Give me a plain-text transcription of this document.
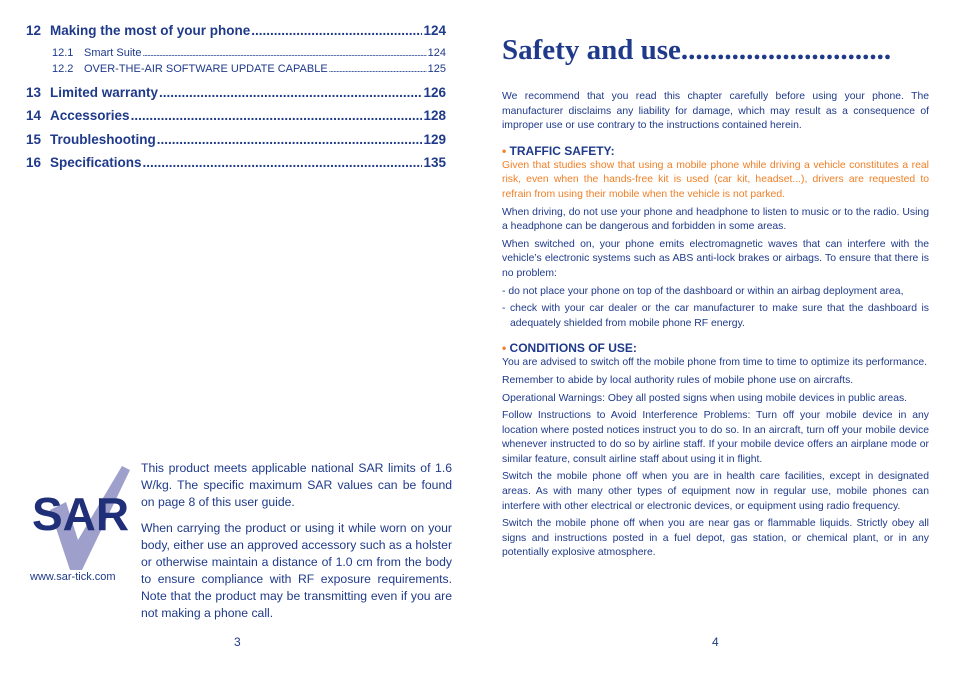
12 Making the most of your phone .....	124
12.1 Smart Suite .....	124
12.2 OVER-THE-AIR SOFTWARE UPDATE CAPABLE .....	125
13 Limited warranty .....	126
14 Accessories .....	128
15 Troubleshooting .....	129
16 Specifications .....	135
SAR
www.sar-tick.com

This product meets applicable national SAR limits of 1.6 W/kg. The specific maximum SAR values can be found on page 8 of this user guide.

When carrying the product or using it while worn on your body, either use an approved accessory such as a holster or otherwise maintain a distance of 1.0 cm from the body to ensure compliance with RF exposure requirements. Note that the product may be transmitting even if you are not making a phone call.

3
Safety and use.............................

We recommend that you read this chapter carefully before using your phone. The manufacturer disclaims any liability for damage, which may result as a consequence of improper use or use contrary to the instructions contained herein.

• TRAFFIC SAFETY:

Given that studies show that using a mobile phone while driving a vehicle constitutes a real risk, even when the hands-free kit is used (car kit, headset...), drivers are requested to refrain from using their mobile when the vehicle is not parked.

When driving, do not use your phone and headphone to listen to music or to the radio. Using a headphone can be dangerous and forbidden in some areas.

When switched on, your phone emits electromagnetic waves that can interfere with the vehicle’s electronic systems such as ABS anti-lock brakes or airbags. To ensure that there is no problem:

- do not place your phone on top of the dashboard or within an airbag deployment area,

- check with your car dealer or the car manufacturer to make sure that the dashboard is adequately shielded from mobile phone RF energy.

• CONDITIONS OF USE:

You are advised to switch off the mobile phone from time to time to optimize its performance.

Remember to abide by local authority rules of mobile phone use on aircrafts.

Operational Warnings: Obey all posted signs when using mobile devices in public areas.

Follow Instructions to Avoid Interference Problems: Turn off your mobile device in any location where posted notices instruct you to do so. In an aircraft, turn off your mobile device whenever instructed to do so by airline staff. If your mobile device offers an airplane mode or similar feature, consult airline staff about using it in flight.

Switch the mobile phone off when you are in health care facilities, except in designated areas. As with many other types of equipment now in regular use, mobile phones can interfere with other electrical or electronic devices, or equipment using radio frequency.

Switch the mobile phone off when you are near gas or flammable liquids. Strictly obey all signs and instructions posted in a fuel depot, gas station, or chemical plant, or in any potentially explosive atmosphere.

4
